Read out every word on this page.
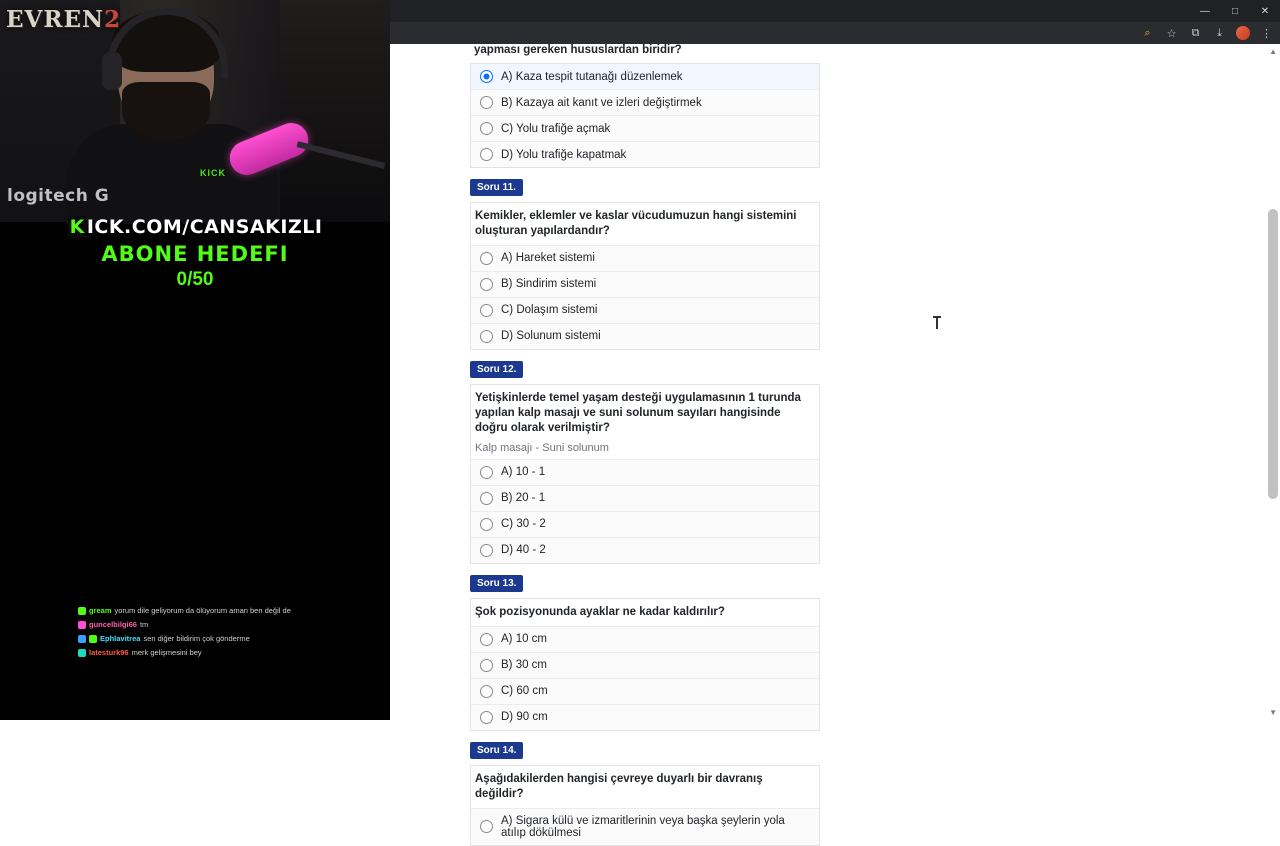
EVREN2
logitech G
KICK
K ICK.COM/CANSAKIZLI
ABONE HEDEFI
0/50
gream yorum dile geliyorum da ölüyorum aman ben değil de
guncelbilgi66 tm
Ephlavitrea sen diğer bildirim çok gönderme
latesturk96 merk gelişmesini bey
—	□	✕
⌕	☆	⧉	⤓	⋮
yapması gereken hususlardan biridir?
A) Kaza tespit tutanağı düzenlemek
B) Kazaya ait kanıt ve izleri değiştirmek
C) Yolu trafiğe açmak
D) Yolu trafiğe kapatmak
Soru 11.
Kemikler, eklemler ve kaslar vücudumuzun hangi sistemini oluşturan yapılardandır?
A) Hareket sistemi
B) Sindirim sistemi
C) Dolaşım sistemi
D) Solunum sistemi
Soru 12.
Yetişkinlerde temel yaşam desteği uygulamasının 1 turunda yapılan kalp masajı ve suni solunum sayıları hangisinde doğru olarak verilmiştir?
Kalp masajı - Suni solunum
A) 10 - 1
B) 20 - 1
C) 30 - 2
D) 40 - 2
Soru 13.
Şok pozisyonunda ayaklar ne kadar kaldırılır?
A) 10 cm
B) 30 cm
C) 60 cm
D) 90 cm
Soru 14.
Aşağıdakilerden hangisi çevreye duyarlı bir davranış değildir?
A) Sigara külü ve izmaritlerinin veya başka şeylerin yola atılıp dökülmesi
▲
▼
